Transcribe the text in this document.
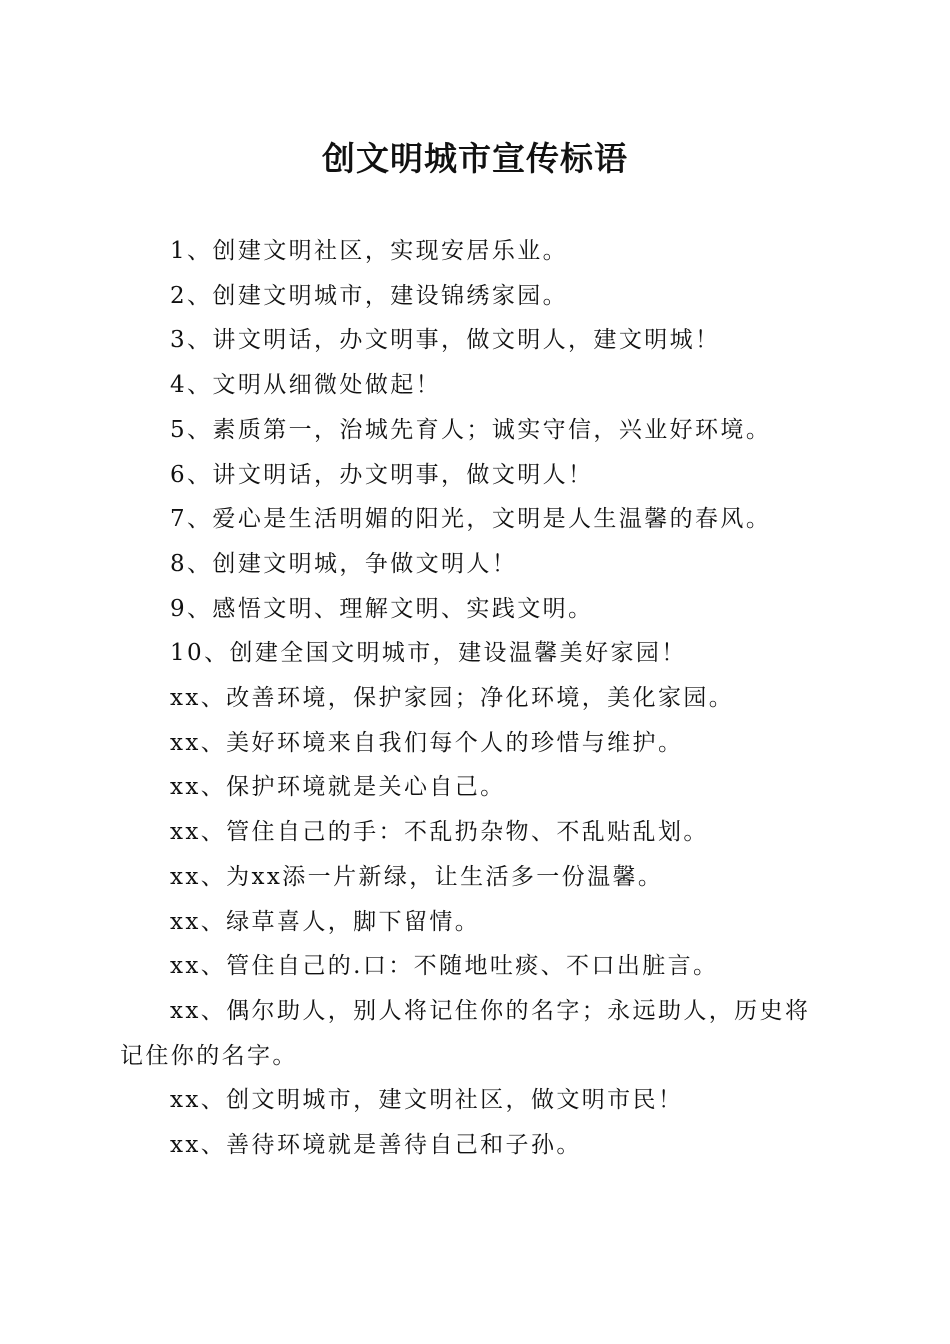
创文明城市宣传标语

1、创建文明社区，实现安居乐业。

2、创建文明城市，建设锦绣家园。

3、讲文明话，办文明事，做文明人，建文明城！

4、文明从细微处做起！

5、素质第一，治城先育人；诚实守信，兴业好环境。

6、讲文明话，办文明事，做文明人！

7、爱心是生活明媚的阳光，文明是人生温馨的春风。

8、创建文明城，争做文明人！

9、感悟文明、理解文明、实践文明。

10、创建全国文明城市，建设温馨美好家园！

xx、改善环境，保护家园；净化环境，美化家园。

xx、美好环境来自我们每个人的珍惜与维护。

xx、保护环境就是关心自己。

xx、管住自己的手：不乱扔杂物、不乱贴乱划。

xx、为xx添一片新绿，让生活多一份温馨。

xx、绿草喜人，脚下留情。

xx、管住自己的.口：不随地吐痰、不口出脏言。

xx、偶尔助人，别人将记住你的名字；永远助人，历史将记住你的名字。

xx、创文明城市，建文明社区，做文明市民！

xx、善待环境就是善待自己和子孙。
